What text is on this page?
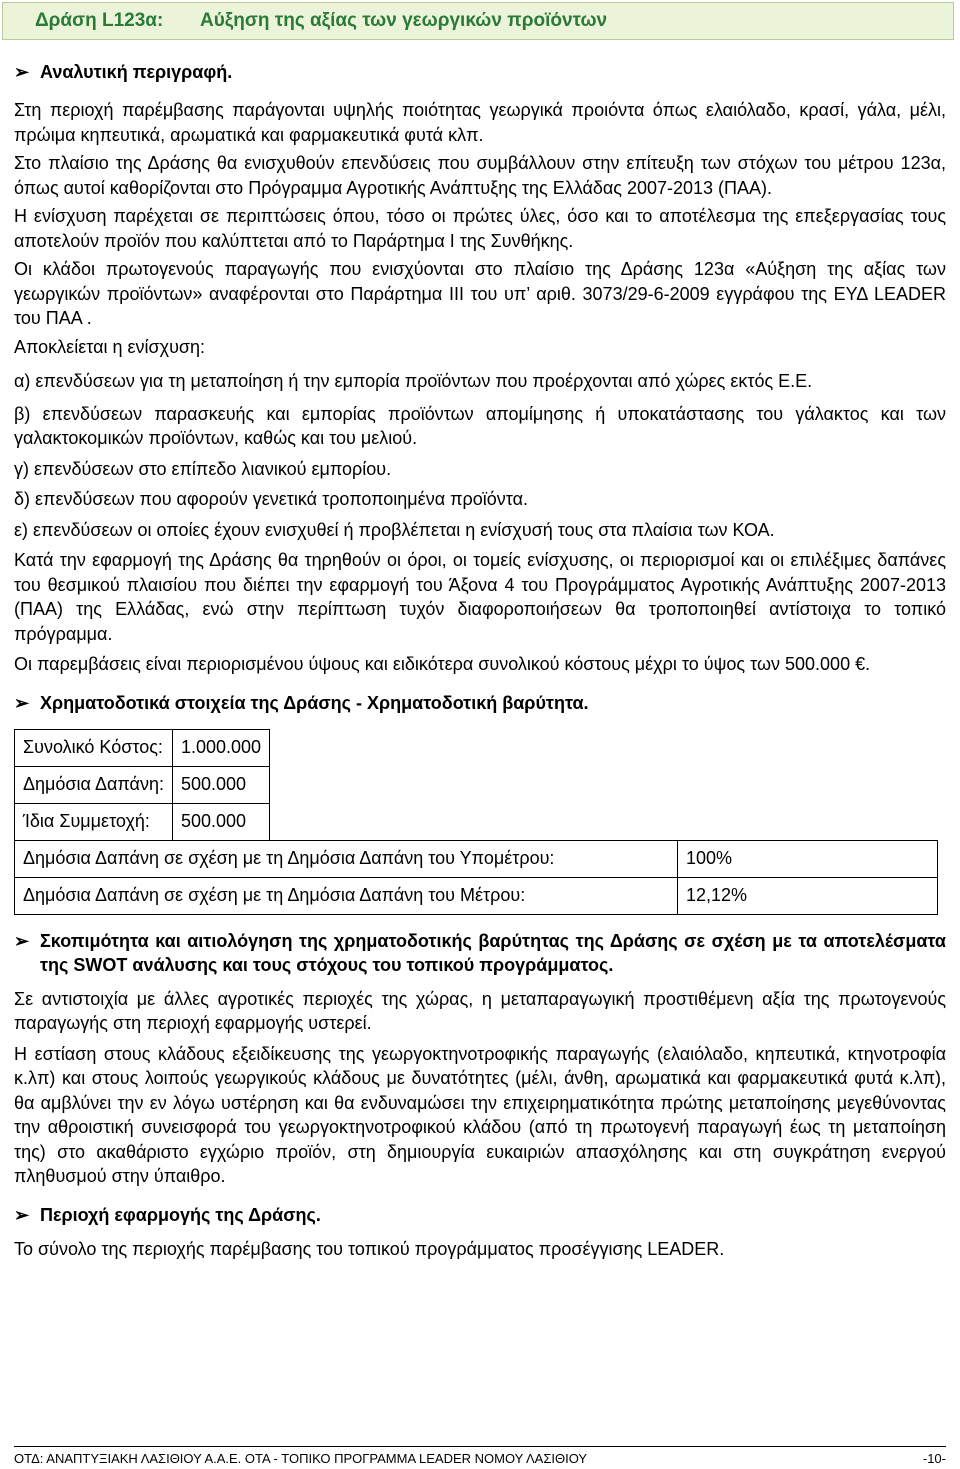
Δράση L123α:	Αύξηση της αξίας των γεωργικών προϊόντων
➢ Αναλυτική περιγραφή.

Στη περιοχή παρέμβασης παράγονται υψηλής ποιότητας γεωργικά προιόντα όπως ελαιόλαδο, κρασί, γάλα, μέλι, πρώιμα κηπευτικά, αρωματικά και φαρμακευτικά φυτά κλπ.

Στο πλαίσιο της Δράσης θα ενισχυθούν επενδύσεις που συμβάλλουν στην επίτευξη των στόχων του μέτρου 123α, όπως αυτοί καθορίζονται στο Πρόγραμμα Αγροτικής Ανάπτυξης της Ελλάδας 2007-2013 (ΠΑΑ).

Η ενίσχυση παρέχεται σε περιπτώσεις όπου, τόσο οι πρώτες ύλες, όσο και το αποτέλεσμα της επεξεργασίας τους αποτελούν προϊόν που καλύπτεται από το Παράρτημα Ι της Συνθήκης.

Οι κλάδοι πρωτογενούς παραγωγής που ενισχύονται στο πλαίσιο της Δράσης 123α «Αύξηση της αξίας των γεωργικών προϊόντων» αναφέρονται στο Παράρτημα ΙΙΙ του υπ’ αριθ. 3073/29-6-2009 εγγράφου της ΕΥΔ LEADER του ΠΑΑ .

Αποκλείεται η ενίσχυση:

α) επενδύσεων για τη μεταποίηση ή την εμπορία προϊόντων που προέρχονται από χώρες εκτός Ε.Ε.

β) επενδύσεων παρασκευής και εμπορίας προϊόντων απομίμησης ή υποκατάστασης του γάλακτος και των γαλακτοκομικών προϊόντων, καθώς και του μελιού.

γ) επενδύσεων στο επίπεδο λιανικού εμπορίου.

δ) επενδύσεων που αφορούν γενετικά τροποποιημένα προϊόντα.

ε) επενδύσεων οι οποίες έχουν ενισχυθεί ή προβλέπεται η ενίσχυσή τους στα πλαίσια των ΚΟΑ.

Κατά την εφαρμογή της Δράσης θα τηρηθούν οι όροι, οι τομείς ενίσχυσης, οι περιορισμοί και οι επιλέξιμες δαπάνες του θεσμικού πλαισίου που διέπει την εφαρμογή του Άξονα 4 του Προγράμματος Αγροτικής Ανάπτυξης 2007-2013 (ΠΑΑ) της Ελλάδας, ενώ στην περίπτωση τυχόν διαφοροποιήσεων θα τροποποιηθεί αντίστοιχα το τοπικό πρόγραμμα.

Οι παρεμβάσεις είναι περιορισμένου ύψους και ειδικότερα συνολικού κόστους μέχρι το ύψος των 500.000 €.

➢ Χρηματοδοτικά στοιχεία της Δράσης - Χρηματοδοτική βαρύτητα.
Συνολικό Κόστος:	1.000.000
Δημόσια Δαπάνη:	500.000
Ίδια Συμμετοχή:	500.000
Δημόσια Δαπάνη σε σχέση με τη Δημόσια Δαπάνη του Υπομέτρου:	100%
Δημόσια Δαπάνη σε σχέση με τη Δημόσια Δαπάνη του Μέτρου:	12,12%
➢ Σκοπιμότητα και αιτιολόγηση της χρηματοδοτικής βαρύτητας της Δράσης σε σχέση με τα αποτελέσματα της SWOT ανάλυσης και τους στόχους του τοπικού προγράμματος.

Σε αντιστοιχία με άλλες αγροτικές περιοχές της χώρας, η μεταπαραγωγική προστιθέμενη αξία της πρωτογενούς παραγωγής στη περιοχή εφαρμογής υστερεί.

Η εστίαση στους κλάδους εξειδίκευσης της γεωργοκτηνοτροφικής παραγωγής (ελαιόλαδο, κηπευτικά, κτηνοτροφία κ.λπ) και στους λοιπούς γεωργικούς κλάδους με δυνατότητες (μέλι, άνθη, αρωματικά και φαρμακευτικά φυτά κ.λπ), θα αμβλύνει την εν λόγω υστέρηση και θα ενδυναμώσει την επιχειρηματικότητα πρώτης μεταποίησης μεγεθύνοντας την αθροιστική συνεισφορά του γεωργοκτηνοτροφικού κλάδου (από τη πρωτογενή παραγωγή έως τη μεταποίηση της) στο ακαθάριστο εγχώριο προϊόν, στη δημιουργία ευκαιριών απασχόλησης και στη συγκράτηση ενεργού πληθυσμού στην ύπαιθρο.

➢ Περιοχή εφαρμογής της Δράσης.

Το σύνολο της περιοχής παρέμβασης του τοπικού προγράμματος προσέγγισης LEADER.

ΟΤΔ: ΑΝΑΠΤΥΞΙΑΚΗ ΛΑΣΙΘΙΟΥ Α.Α.Ε. ΟΤΑ - ΤΟΠΙΚΟ ΠΡΟΓΡΑΜΜΑ LEADER ΝΟΜΟΥ ΛΑΣΙΘΙΟΥ	-10-
